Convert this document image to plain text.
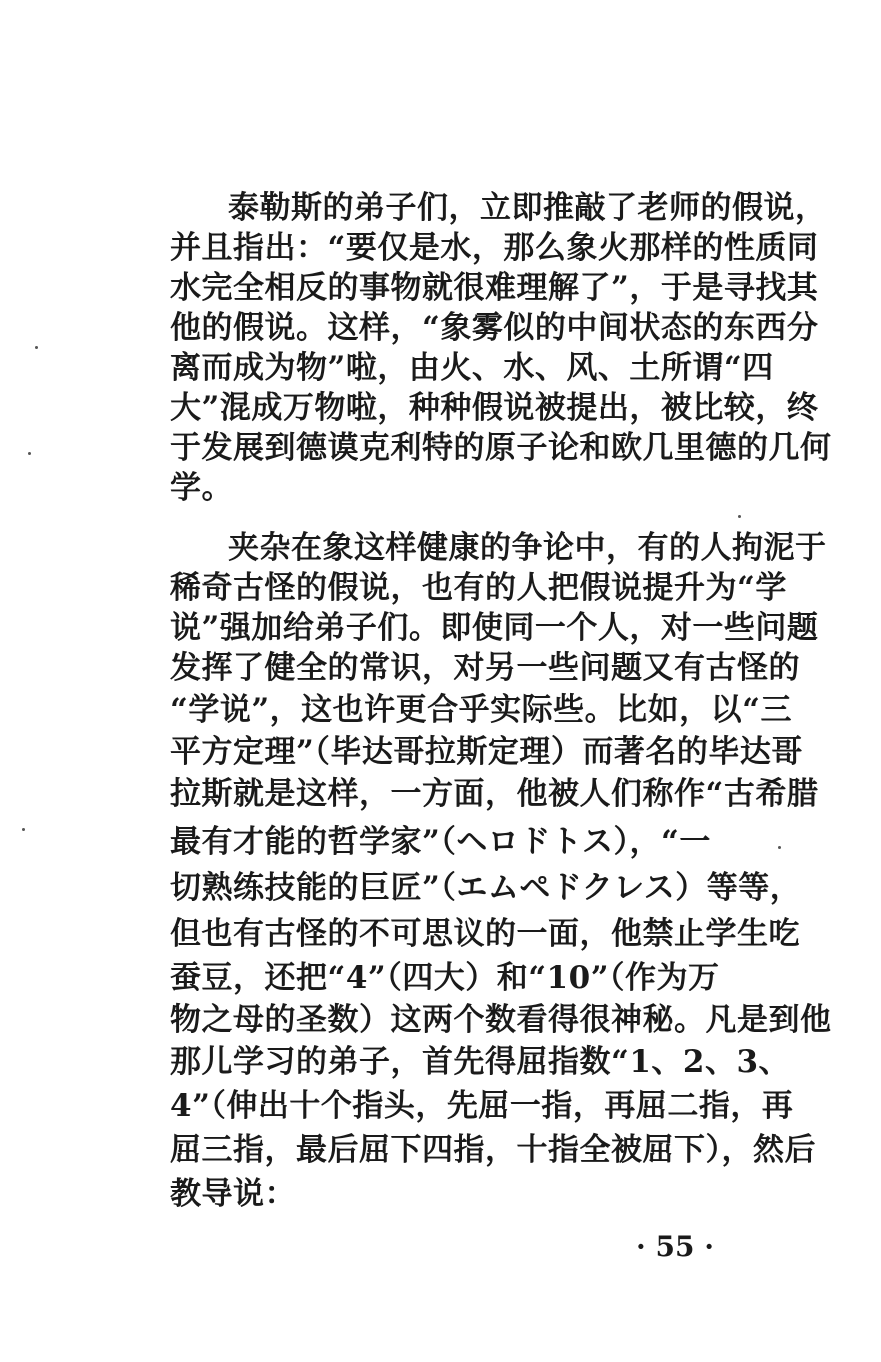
泰勒斯的弟子们，立即推敲了老师的假说，
并且指出：“要仅是水，那么象火那样的性质同
水完全相反的事物就很难理解了”，于是寻找其
他的假说。这样，“象雾似的中间状态的东西分
离而成为物”啦，由火、水、风、土所谓“四
大”混成万物啦，种种假说被提出，被比较，终
于发展到德谟克利特的原子论和欧几里德的几何
学。
夹杂在象这样健康的争论中，有的人拘泥于
稀奇古怪的假说，也有的人把假说提升为“学
说”强加给弟子们。即使同一个人，对一些问题
发挥了健全的常识，对另一些问题又有古怪的
“学说”，这也许更合乎实际些。比如，以“三
平方定理”（毕达哥拉斯定理）而著名的毕达哥
拉斯就是这样，一方面，他被人们称作“古希腊
最有才能的哲学家”（ヘロドトス），“一
切熟练技能的巨匠”（エムペドクレス）等等，
但也有古怪的不可思议的一面，他禁止学生吃
蚕豆，还把“4”（四大）和“10”（作为万
物之母的圣数）这两个数看得很神秘。凡是到他
那儿学习的弟子，首先得屈指数“1、2、3、
4”（伸出十个指头，先屈一指，再屈二指，再
屈三指，最后屈下四指，十指全被屈下），然后
教导说：
· 55 ·
